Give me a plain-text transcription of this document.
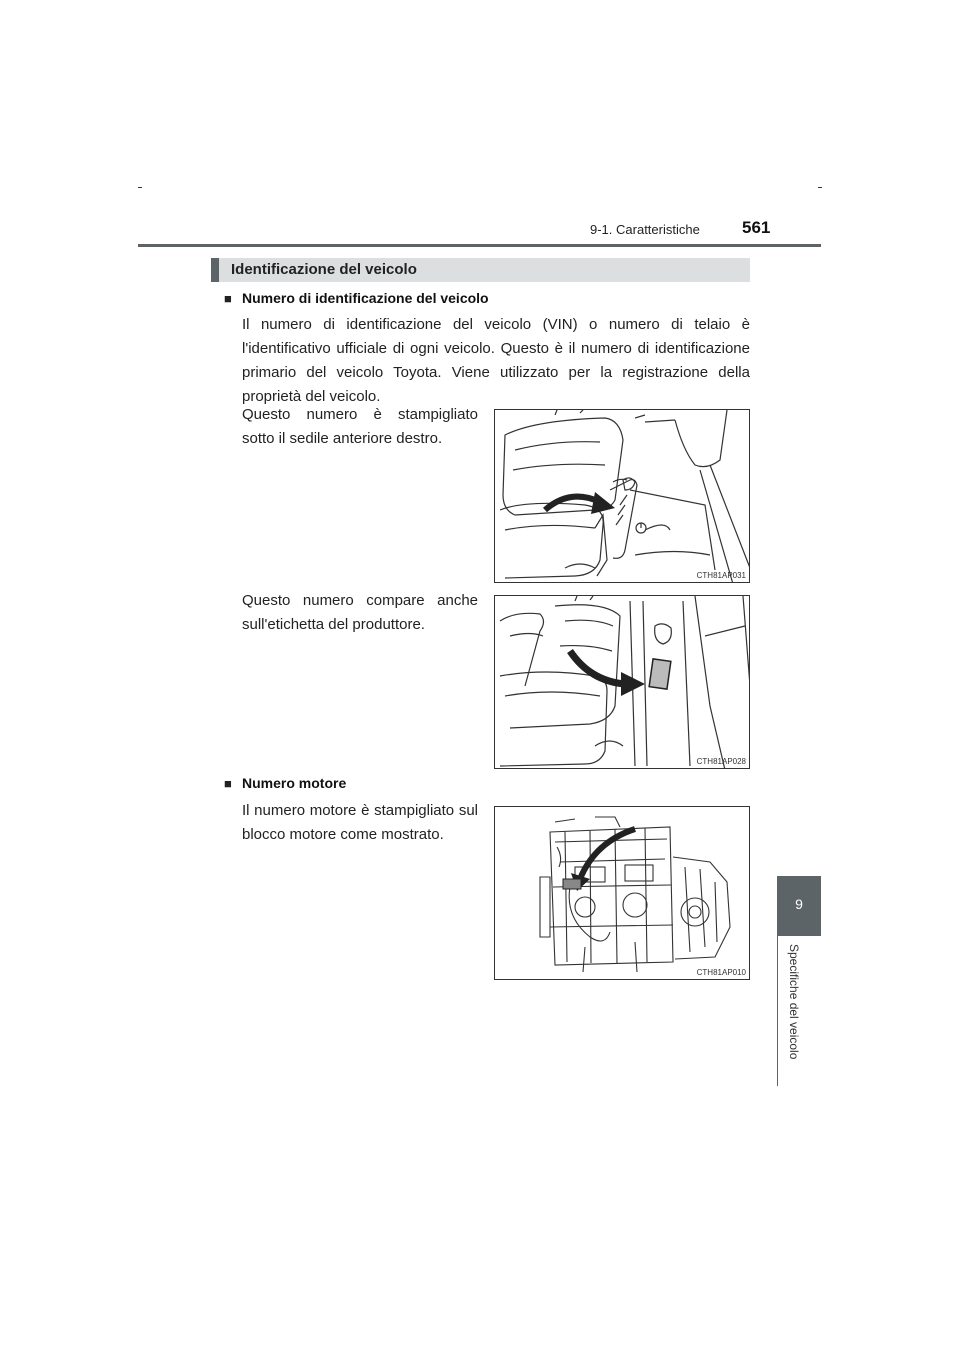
9-1. Caratteristiche 561
Identificazione del veicolo
■ Numero di identificazione del veicolo

Il numero di identificazione del veicolo (VIN) o numero di telaio è l'identificativo ufficiale di ogni veicolo. Questo è il numero di identificazione primario del veicolo Toyota. Viene utilizzato per la registrazione della proprietà del veicolo.

Questo numero è stampigliato sotto il sedile anteriore destro.

CTH81AP031

Questo numero compare anche sull'etichetta del produttore.

CTH81AP028
■ Numero motore

Il numero motore è stampigliato sul blocco motore come mostrato.

CTH81AP010
9
Specifiche del veicolo
